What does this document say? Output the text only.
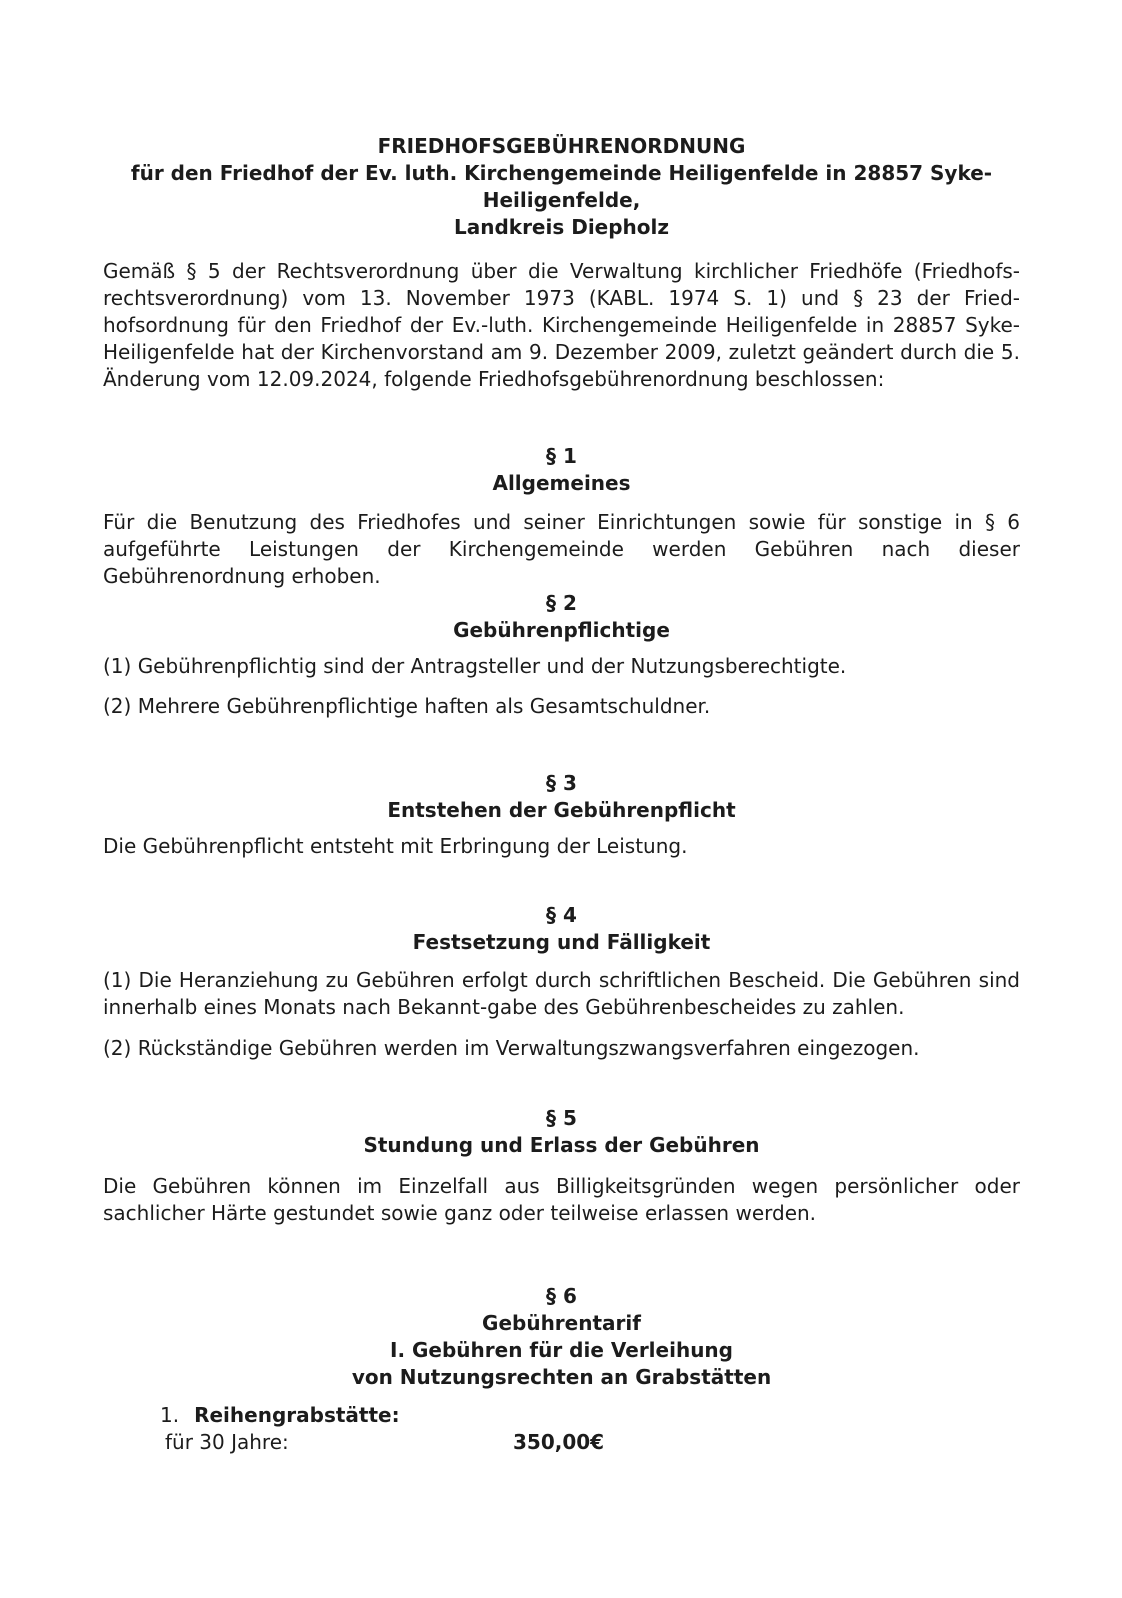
FRIEDHOFSGEBÜHRENORDNUNG
für den Friedhof der Ev. luth. Kirchengemeinde Heiligenfelde in 28857 Syke-
Heiligenfelde,
Landkreis Diepholz
Gemäß § 5 der Rechtsverordnung über die Verwaltung kirchlicher Friedhöfe (Friedhofs-
rechtsverordnung) vom 13. November 1973 (KABL. 1974 S. 1) und § 23 der Fried-
hofsordnung für den Friedhof der Ev.-luth. Kirchengemeinde Heiligenfelde in 28857 Syke-
Heiligenfelde hat der Kirchenvorstand am 9. Dezember 2009, zuletzt geändert durch die 5.
Änderung vom 12.09.2024, folgende Friedhofsgebührenordnung beschlossen:
§ 1
Allgemeines
Für die Benutzung des Friedhofes und seiner Einrichtungen sowie für sonstige in § 6
aufgeführte Leistungen der Kirchengemeinde werden Gebühren nach dieser
Gebührenordnung erhoben.
§ 2
Gebührenpflichtige
(1) Gebührenpflichtig sind der Antragsteller und der Nutzungsberechtigte.
(2) Mehrere Gebührenpflichtige haften als Gesamtschuldner.
§ 3
Entstehen der Gebührenpflicht
Die Gebührenpflicht entsteht mit Erbringung der Leistung.
§ 4
Festsetzung und Fälligkeit
(1) Die Heranziehung zu Gebühren erfolgt durch schriftlichen Bescheid. Die Gebühren sind
innerhalb eines Monats nach Bekannt-gabe des Gebührenbescheides zu zahlen.
(2) Rückständige Gebühren werden im Verwaltungszwangsverfahren eingezogen.
§ 5
Stundung und Erlass der Gebühren
Die Gebühren können im Einzelfall aus Billigkeitsgründen wegen persönlicher oder
sachlicher Härte gestundet sowie ganz oder teilweise erlassen werden.
§ 6
Gebührentarif
I. Gebühren für die Verleihung
von Nutzungsrechten an Grabstätten
1. Reihengrabstätte:
für 30 Jahre:	350,00€
